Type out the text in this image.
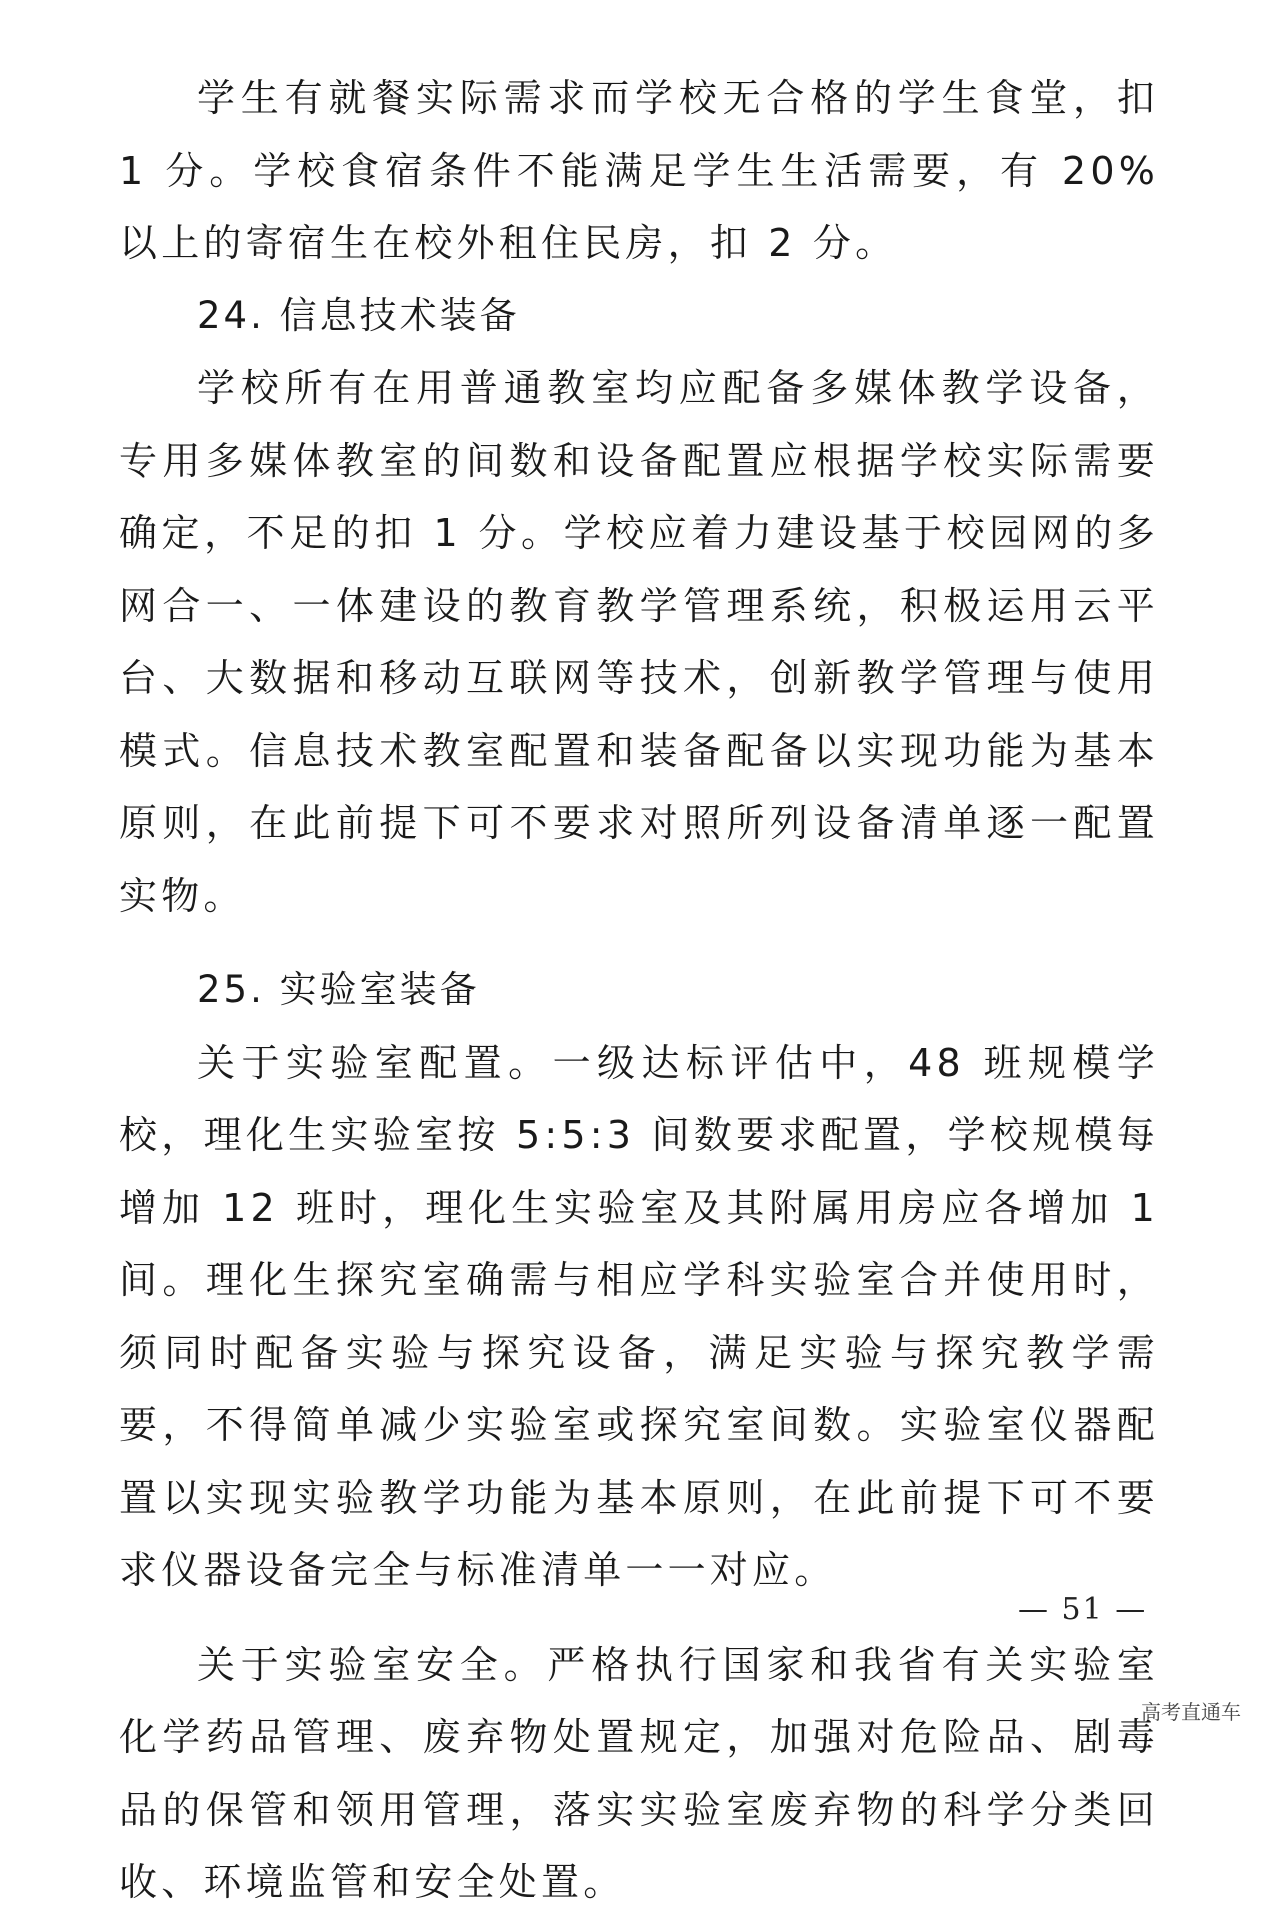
学生有就餐实际需求而学校无合格的学生食堂，扣 1 分。学校食宿条件不能满足学生生活需要，有 20%以上的寄宿生在校外租住民房，扣 2 分。

24. 信息技术装备

学校所有在用普通教室均应配备多媒体教学设备，专用多媒体教室的间数和设备配置应根据学校实际需要确定，不足的扣 1 分。学校应着力建设基于校园网的多网合一、一体建设的教育教学管理系统，积极运用云平台、大数据和移动互联网等技术，创新教学管理与使用模式。信息技术教室配置和装备配备以实现功能为基本原则，在此前提下可不要求对照所列设备清单逐一配置实物。

25. 实验室装备

关于实验室配置。一级达标评估中，48 班规模学校，理化生实验室按 5:5:3 间数要求配置，学校规模每增加 12 班时，理化生实验室及其附属用房应各增加 1 间。理化生探究室确需与相应学科实验室合并使用时，须同时配备实验与探究设备，满足实验与探究教学需要，不得简单减少实验室或探究室间数。实验室仪器配置以实现实验教学功能为基本原则，在此前提下可不要求仪器设备完全与标准清单一一对应。

关于实验室安全。严格执行国家和我省有关实验室化学药品管理、废弃物处置规定，加强对危险品、剧毒品的保管和领用管理，落实实验室废弃物的科学分类回收、环境监管和安全处置。

— 51 —
高考直通车
